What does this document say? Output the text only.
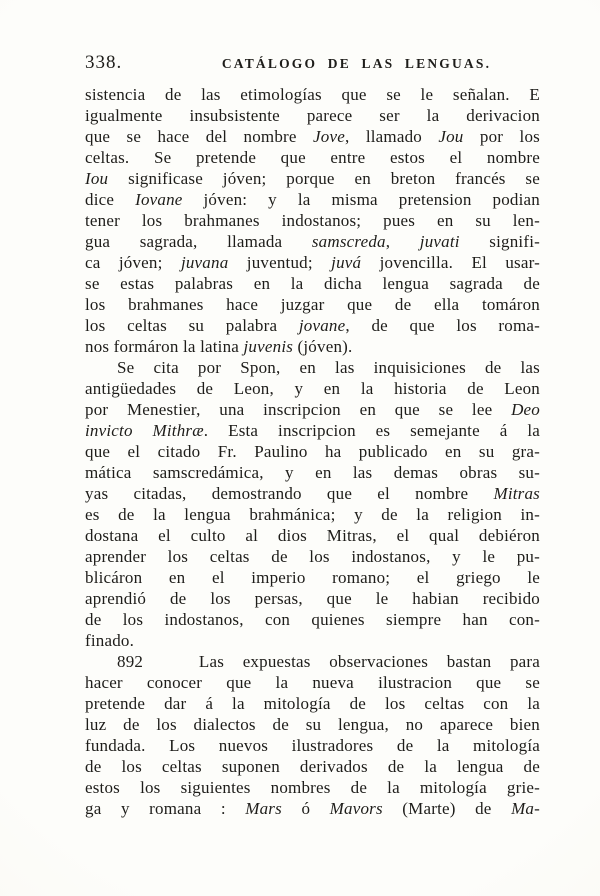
338.	CATÁLOGO DE LAS LENGUAS.
sistencia de las etimologías que se le señalan. E
igualmente insubsistente parece ser la derivacion
que se hace del nombre Jove, llamado Jou por los
celtas. Se pretende que entre estos el nombre
Iou significase jóven; porque en breton francés se
dice Iovane jóven: y la misma pretension podian
tener los brahmanes indostanos; pues en su len-
gua sagrada, llamada samscreda, juvati signifi-
ca jóven; juvana juventud; juvá jovencilla. El usar-
se estas palabras en la dicha lengua sagrada de
los brahmanes hace juzgar que de ella tomáron
los celtas su palabra jovane, de que los roma-
nos formáron la latina juvenis (jóven).
Se cita por Spon, en las inquisiciones de las
antigüedades de Leon, y en la historia de Leon
por Menestier, una inscripcion en que se lee Deo
invicto Mithræ. Esta inscripcion es semejante á la
que el citado Fr. Paulino ha publicado en su gra-
mática samscredámica, y en las demas obras su-
yas citadas, demostrando que el nombre Mitras
es de la lengua brahmánica; y de la religion in-
dostana el culto al dios Mitras, el qual debiéron
aprender los celtas de los indostanos, y le pu-
blicáron en el imperio romano; el griego le
aprendió de los persas, que le habian recibido
de los indostanos, con quienes siempre han con-
finado.
892   Las expuestas observaciones bastan para
hacer conocer que la nueva ilustracion que se
pretende dar á la mitología de los celtas con la
luz de los dialectos de su lengua, no aparece bien
fundada. Los nuevos ilustradores de la mitología
de los celtas suponen derivados de la lengua de
estos los siguientes nombres de la mitología grie-
ga y romana : Mars ó Mavors (Marte) de Ma-
